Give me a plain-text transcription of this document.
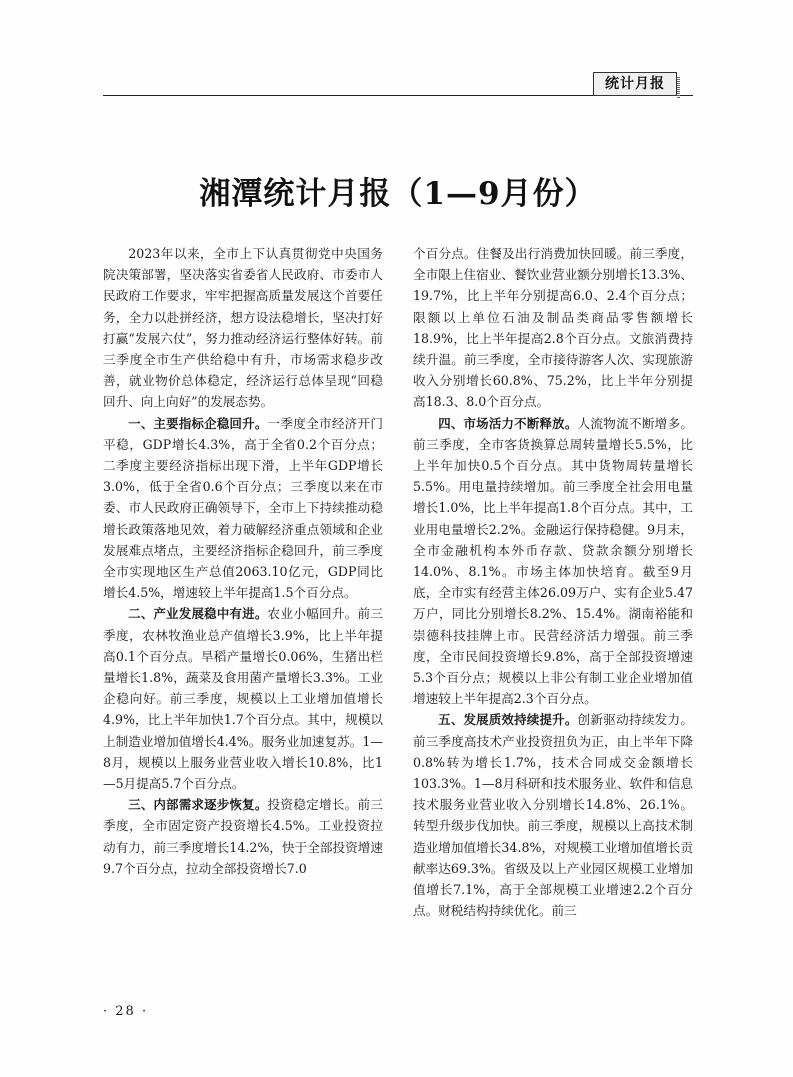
统计月报
湘潭统计月报（1—9月份）

2023年以来，全市上下认真贯彻党中央国务院决策部署，坚决落实省委省人民政府、市委市人民政府工作要求，牢牢把握高质量发展这个首要任务，全力以赴拼经济，想方设法稳增长，坚决打好打赢“发展六仗”，努力推动经济运行整体好转。前三季度全市生产供给稳中有升，市场需求稳步改善，就业物价总体稳定，经济运行总体呈现“回稳回升、向上向好”的发展态势。

一、主要指标企稳回升。一季度全市经济开门平稳，GDP增长4.3%，高于全省0.2个百分点；二季度主要经济指标出现下滑，上半年GDP增长3.0%，低于全省0.6个百分点；三季度以来在市委、市人民政府正确领导下，全市上下持续推动稳增长政策落地见效，着力破解经济重点领域和企业发展难点堵点，主要经济指标企稳回升，前三季度全市实现地区生产总值2063.10亿元，GDP同比增长4.5%，增速较上半年提高1.5个百分点。

二、产业发展稳中有进。农业小幅回升。前三季度，农林牧渔业总产值增长3.9%，比上半年提高0.1个百分点。旱稻产量增长0.06%，生猪出栏量增长1.8%，蔬菜及食用菌产量增长3.3%。工业企稳向好。前三季度，规模以上工业增加值增长4.9%，比上半年加快1.7个百分点。其中，规模以上制造业增加值增长4.4%。服务业加速复苏。1—8月，规模以上服务业营业收入增长10.8%，比1—5月提高5.7个百分点。

三、内部需求逐步恢复。投资稳定增长。前三季度，全市固定资产投资增长4.5%。工业投资拉动有力，前三季度增长14.2%，快于全部投资增速9.7个百分点，拉动全部投资增长7.0

个百分点。住餐及出行消费加快回暖。前三季度，全市限上住宿业、餐饮业营业额分别增长13.3%、19.7%，比上半年分别提高6.0、2.4个百分点；限额以上单位石油及制品类商品零售额增长18.9%，比上半年提高2.8个百分点。文旅消费持续升温。前三季度，全市接待游客人次、实现旅游收入分别增长60.8%、75.2%，比上半年分别提高18.3、8.0个百分点。

四、市场活力不断释放。人流物流不断增多。前三季度，全市客货换算总周转量增长5.5%，比上半年加快0.5个百分点。其中货物周转量增长5.5%。用电量持续增加。前三季度全社会用电量增长1.0%，比上半年提高1.8个百分点。其中，工业用电量增长2.2%。金融运行保持稳健。9月末，全市金融机构本外币存款、贷款余额分别增长14.0%、8.1%。市场主体加快培育。截至9月底，全市实有经营主体26.09万户、实有企业5.47万户，同比分别增长8.2%、15.4%。湖南裕能和崇德科技挂牌上市。民营经济活力增强。前三季度，全市民间投资增长9.8%，高于全部投资增速5.3个百分点；规模以上非公有制工业企业增加值增速较上半年提高2.3个百分点。

五、发展质效持续提升。创新驱动持续发力。前三季度高技术产业投资扭负为正，由上半年下降0.8%转为增长1.7%，技术合同成交金额增长103.3%。1—8月科研和技术服务业、软件和信息技术服务业营业收入分别增长14.8%、26.1%。转型升级步伐加快。前三季度，规模以上高技术制造业增加值增长34.8%，对规模工业增加值增长贡献率达69.3%。省级及以上产业园区规模工业增加值增长7.1%，高于全部规模工业增速2.2个百分点。财税结构持续优化。前三

· 28 ·
